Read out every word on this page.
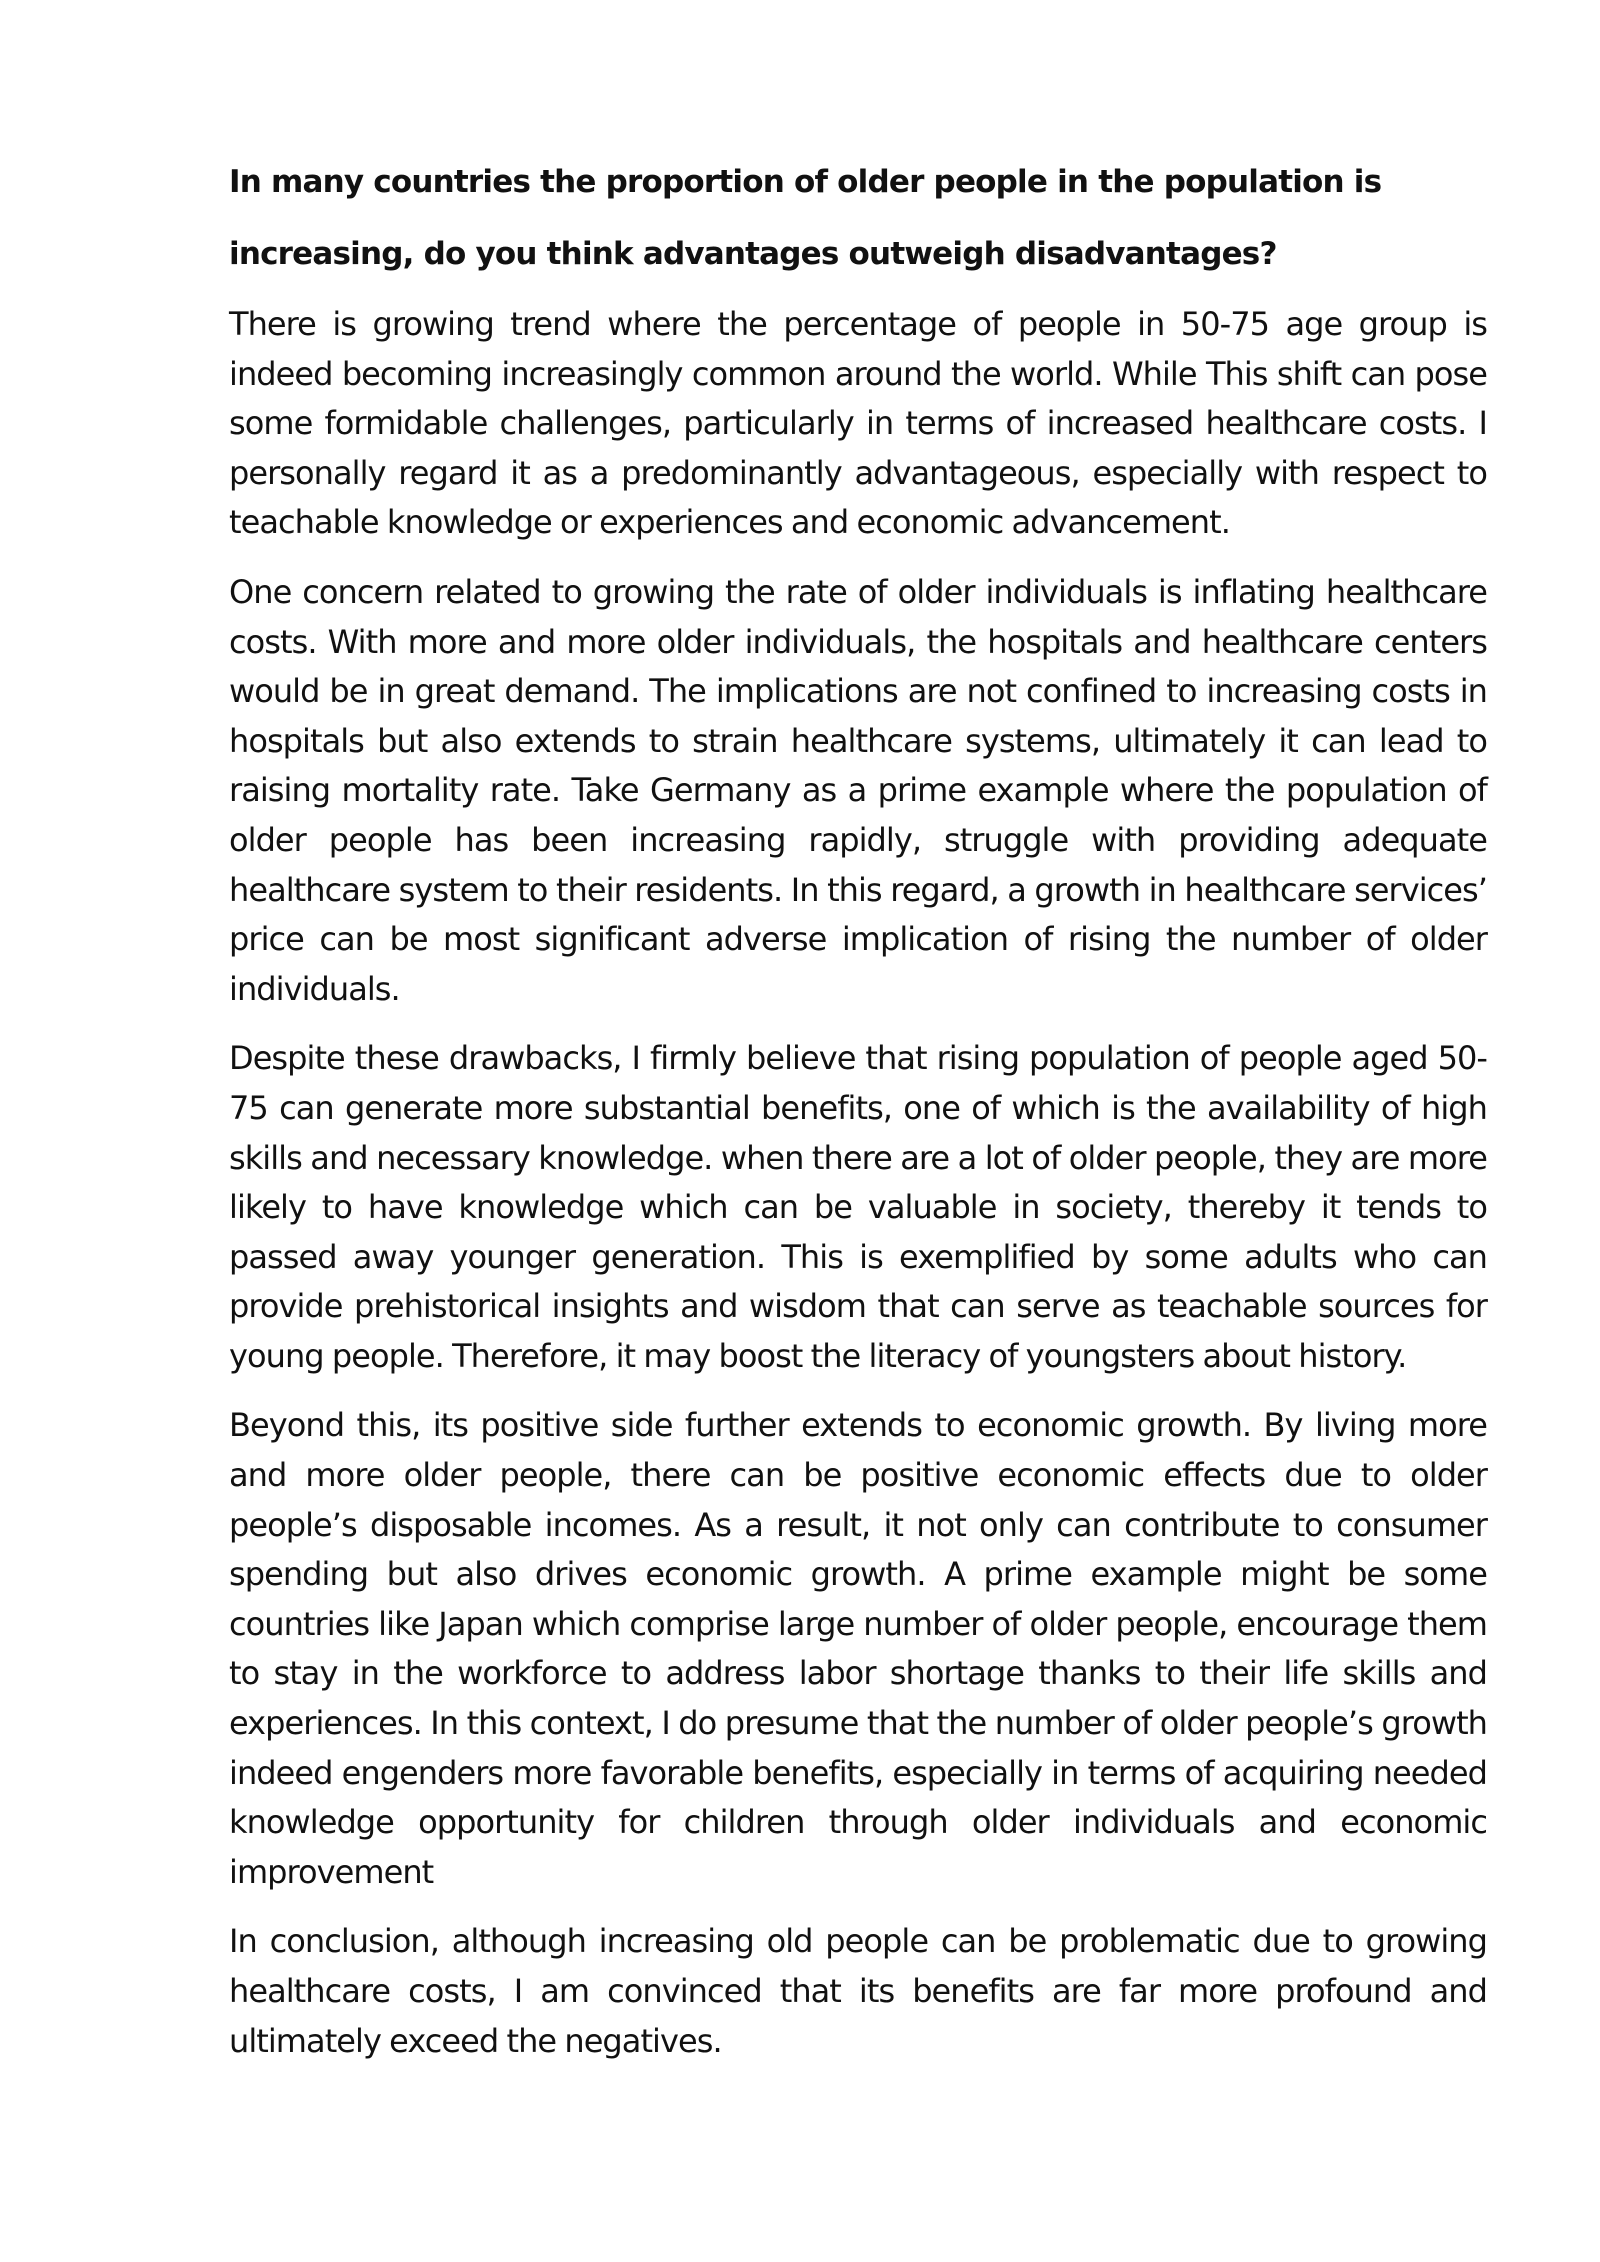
In many countries the proportion of older people in the population is increasing, do you think advantages outweigh disadvantages?

There is growing trend where the percentage of people in 50-75 age group is indeed becoming increasingly common around the world. While This shift can pose some formidable challenges, particularly in terms of increased healthcare costs. I personally regard it as a predominantly advantageous, especially with respect to teachable knowledge or experiences and economic advancement.

One concern related to growing the rate of older individuals is inflating healthcare costs. With more and more older individuals, the hospitals and healthcare centers would be in great demand. The implications are not confined to increasing costs in hospitals but also extends to strain healthcare systems, ultimately it can lead to raising mortality rate. Take Germany as a prime example where the population of older people has been increasing rapidly, struggle with providing adequate healthcare system to their residents. In this regard, a growth in healthcare services’ price can be most significant adverse implication of rising the number of older individuals.

Despite these drawbacks, I firmly believe that rising population of people aged 50-75 can generate more substantial benefits, one of which is the availability of high skills and necessary knowledge. when there are a lot of older people, they are more likely to have knowledge which can be valuable in society, thereby it tends to passed away younger generation. This is exemplified by some adults who can provide prehistorical insights and wisdom that can serve as teachable sources for young people. Therefore, it may boost the literacy of youngsters about history.

Beyond this, its positive side further extends to economic growth. By living more and more older people, there can be positive economic effects due to older people’s disposable incomes. As a result, it not only can contribute to consumer spending but also drives economic growth. A prime example might be some countries like Japan which comprise large number of older people, encourage them to stay in the workforce to address labor shortage thanks to their life skills and experiences. In this context, I do presume that the number of older people’s growth indeed engenders more favorable benefits, especially in terms of acquiring needed knowledge opportunity for children through older individuals and economic improvement

In conclusion, although increasing old people can be problematic due to growing healthcare costs, I am convinced that its benefits are far more profound and ultimately exceed the negatives.
